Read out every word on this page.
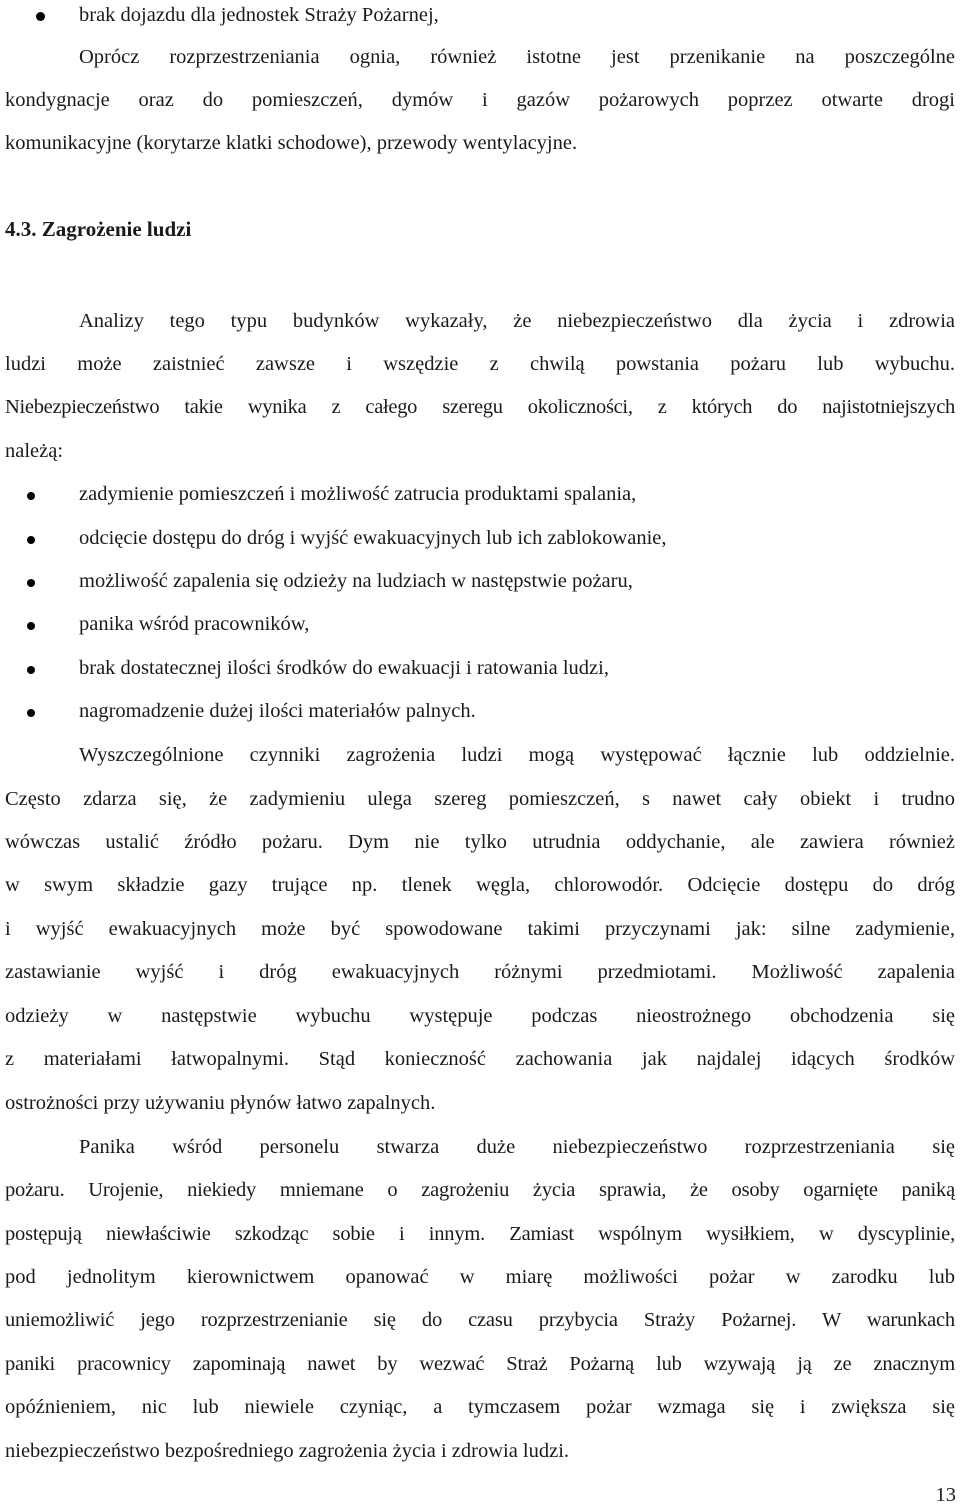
brak dojazdu dla jednostek Straży Pożarnej,
Oprócz rozprzestrzeniania ognia, również istotne jest przenikanie na poszczególne
kondygnacje oraz do pomieszczeń, dymów i gazów pożarowych poprzez otwarte drogi
komunikacyjne (korytarze klatki schodowe), przewody wentylacyjne.
4.3. Zagrożenie ludzi
Analizy tego typu budynków wykazały, że niebezpieczeństwo dla życia i zdrowia
ludzi może zaistnieć zawsze i wszędzie z chwilą powstania pożaru lub wybuchu.
Niebezpieczeństwo takie wynika z całego szeregu okoliczności, z których do najistotniejszych
należą:
zadymienie pomieszczeń i możliwość zatrucia produktami spalania,
odcięcie dostępu do dróg i wyjść ewakuacyjnych lub ich zablokowanie,
możliwość zapalenia się odzieży na ludziach w następstwie pożaru,
panika wśród pracowników,
brak dostatecznej ilości środków do ewakuacji i ratowania ludzi,
nagromadzenie dużej ilości materiałów palnych.
Wyszczególnione czynniki zagrożenia ludzi mogą występować łącznie lub oddzielnie.
Często zdarza się, że zadymieniu ulega szereg pomieszczeń, s nawet cały obiekt i trudno
wówczas ustalić źródło pożaru. Dym nie tylko utrudnia oddychanie, ale zawiera również
w swym składzie gazy trujące np. tlenek węgla, chlorowodór. Odcięcie dostępu do dróg
i wyjść ewakuacyjnych może być spowodowane takimi przyczynami jak: silne zadymienie,
zastawianie wyjść i dróg ewakuacyjnych różnymi przedmiotami. Możliwość zapalenia
odzieży w następstwie wybuchu występuje podczas nieostrożnego obchodzenia się
z materiałami łatwopalnymi. Stąd konieczność zachowania jak najdalej idących środków
ostrożności przy używaniu płynów łatwo zapalnych.
Panika wśród personelu stwarza duże niebezpieczeństwo rozprzestrzeniania się
pożaru. Urojenie, niekiedy mniemane o zagrożeniu życia sprawia, że osoby ogarnięte paniką
postępują niewłaściwie szkodząc sobie i innym. Zamiast wspólnym wysiłkiem, w dyscyplinie,
pod jednolitym kierownictwem opanować w miarę możliwości pożar w zarodku lub
uniemożliwić jego rozprzestrzenianie się do czasu przybycia Straży Pożarnej. W warunkach
paniki pracownicy zapominają nawet by wezwać Straż Pożarną lub wzywają ją ze znacznym
opóźnieniem, nic lub niewiele czyniąc, a tymczasem pożar wzmaga się i zwiększa się
niebezpieczeństwo bezpośredniego zagrożenia życia i zdrowia ludzi.
13
